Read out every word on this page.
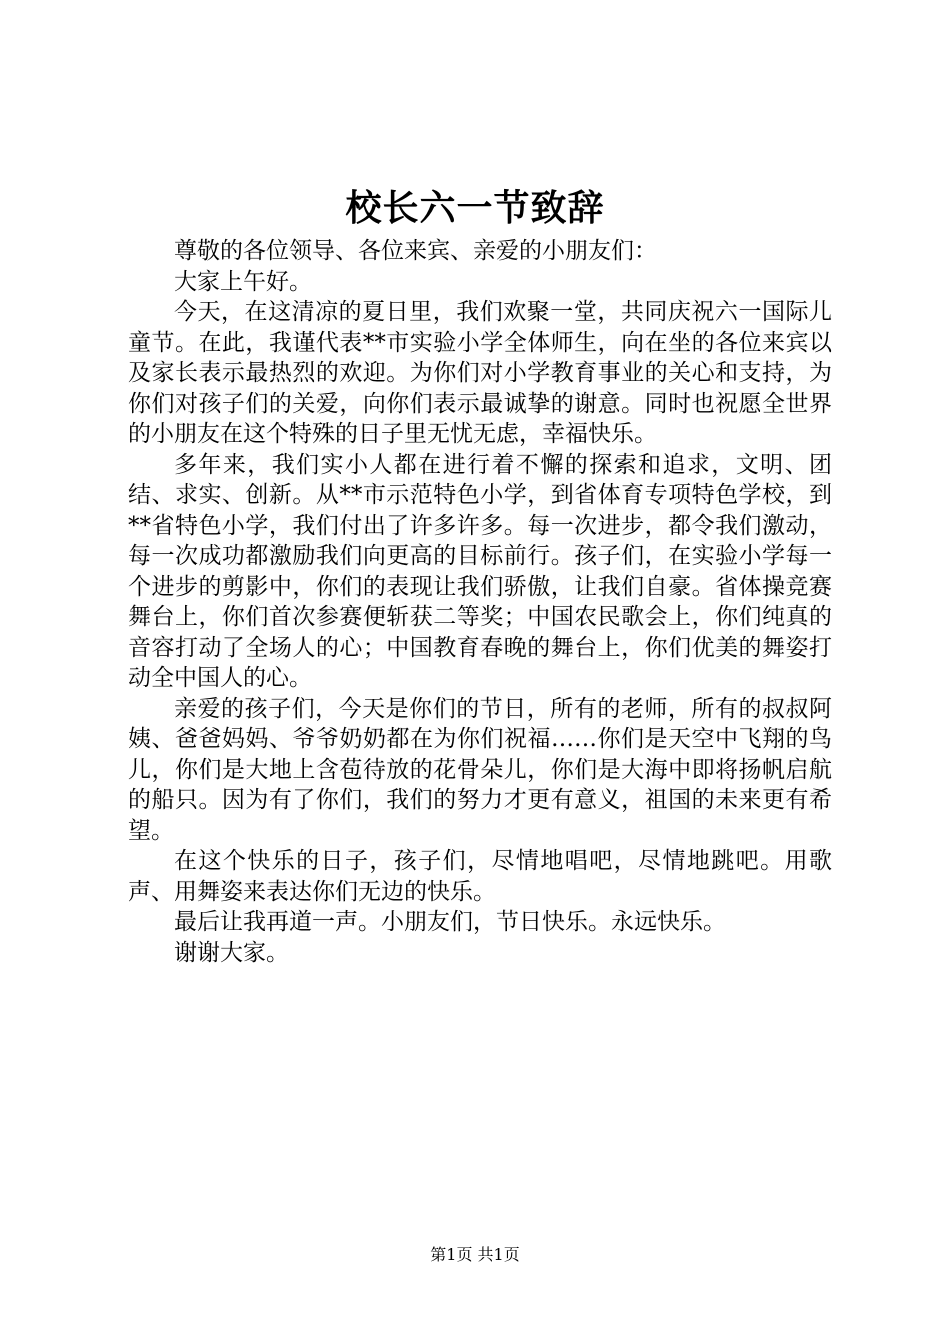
校长六一节致辞

尊敬的各位领导、各位来宾、亲爱的小朋友们：

大家上午好。

今天，在这清凉的夏日里，我们欢聚一堂，共同庆祝六一国际儿童节。在此，我谨代表**市实验小学全体师生，向在坐的各位来宾以及家长表示最热烈的欢迎。为你们对小学教育事业的关心和支持，为你们对孩子们的关爱，向你们表示最诚挚的谢意。同时也祝愿全世界的小朋友在这个特殊的日子里无忧无虑，幸福快乐。

多年来，我们实小人都在进行着不懈的探索和追求，文明、团结、求实、创新。从**市示范特色小学，到省体育专项特色学校，到**省特色小学，我们付出了许多许多。每一次进步，都令我们激动，每一次成功都激励我们向更高的目标前行。孩子们，在实验小学每一个进步的剪影中，你们的表现让我们骄傲，让我们自豪。省体操竞赛舞台上，你们首次参赛便斩获二等奖；中国农民歌会上，你们纯真的音容打动了全场人的心；中国教育春晚的舞台上，你们优美的舞姿打动全中国人的心。

亲爱的孩子们，今天是你们的节日，所有的老师，所有的叔叔阿姨、爸爸妈妈、爷爷奶奶都在为你们祝福……你们是天空中飞翔的鸟儿，你们是大地上含苞待放的花骨朵儿，你们是大海中即将扬帆启航的船只。因为有了你们，我们的努力才更有意义，祖国的未来更有希望。

在这个快乐的日子，孩子们，尽情地唱吧，尽情地跳吧。用歌声、用舞姿来表达你们无边的快乐。

最后让我再道一声。小朋友们，节日快乐。永远快乐。

谢谢大家。

第1页 共1页
